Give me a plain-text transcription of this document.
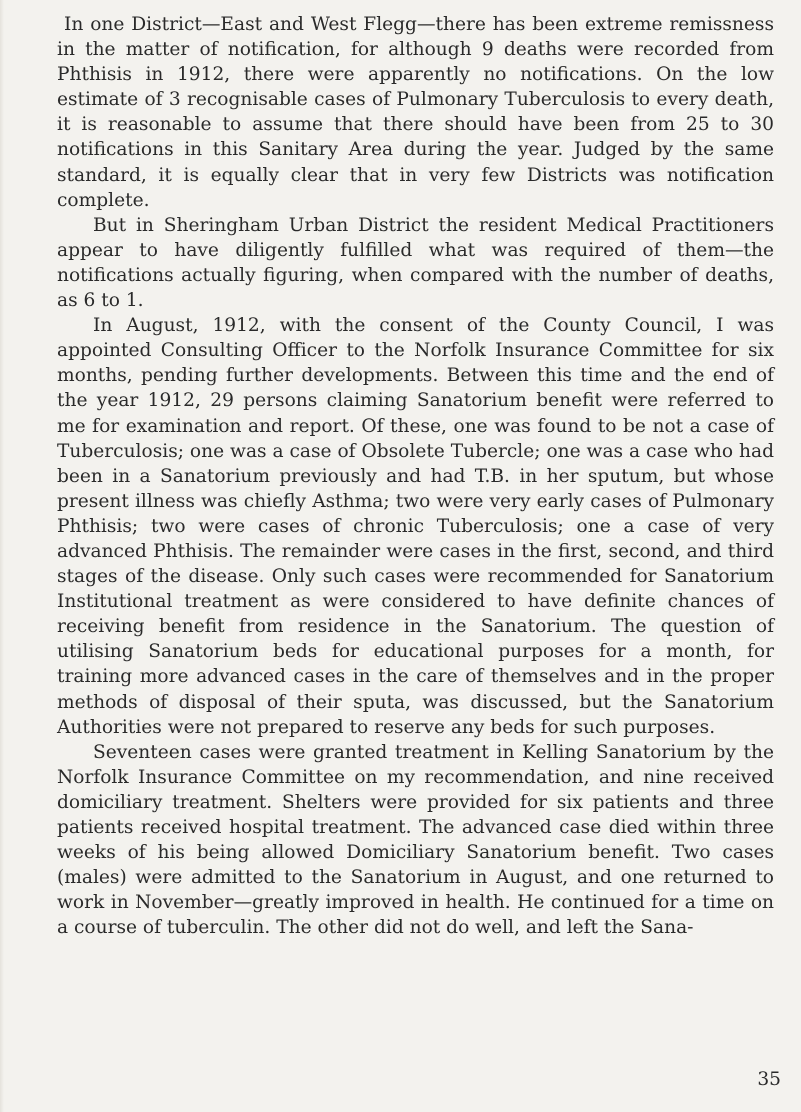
In one District—East and West Flegg—there has been extreme remissness in the matter of notification, for although 9 deaths were recorded from Phthisis in 1912, there were apparently no notifications. On the low estimate of 3 recognisable cases of Pulmonary Tuberculosis to every death, it is reasonable to assume that there should have been from 25 to 30 notifications in this Sanitary Area during the year. Judged by the same standard, it is equally clear that in very few Districts was notification complete.

But in Sheringham Urban District the resident Medical Practitioners appear to have diligently fulfilled what was required of them—the notifications actually figuring, when compared with the number of deaths, as 6 to 1.

In August, 1912, with the consent of the County Council, I was appointed Consulting Officer to the Norfolk Insurance Committee for six months, pending further developments. Between this time and the end of the year 1912, 29 persons claiming Sanatorium benefit were referred to me for examination and report. Of these, one was found to be not a case of Tuberculosis; one was a case of Obsolete Tubercle; one was a case who had been in a Sanatorium previously and had T.B. in her sputum, but whose present illness was chiefly Asthma; two were very early cases of Pulmonary Phthisis; two were cases of chronic Tuberculosis; one a case of very advanced Phthisis. The remainder were cases in the first, second, and third stages of the disease. Only such cases were recommended for Sanatorium Institutional treatment as were considered to have definite chances of receiving benefit from residence in the Sanatorium. The question of utilising Sanatorium beds for educational purposes for a month, for training more advanced cases in the care of themselves and in the proper methods of disposal of their sputa, was discussed, but the Sanatorium Authorities were not prepared to reserve any beds for such purposes.

Seventeen cases were granted treatment in Kelling Sanatorium by the Norfolk Insurance Committee on my recommendation, and nine received domiciliary treatment. Shelters were provided for six patients and three patients received hospital treatment. The advanced case died within three weeks of his being allowed Domiciliary Sanatorium benefit. Two cases (males) were admitted to the Sanatorium in August, and one returned to work in November—greatly improved in health. He continued for a time on a course of tuberculin. The other did not do well, and left the Sana-

35
